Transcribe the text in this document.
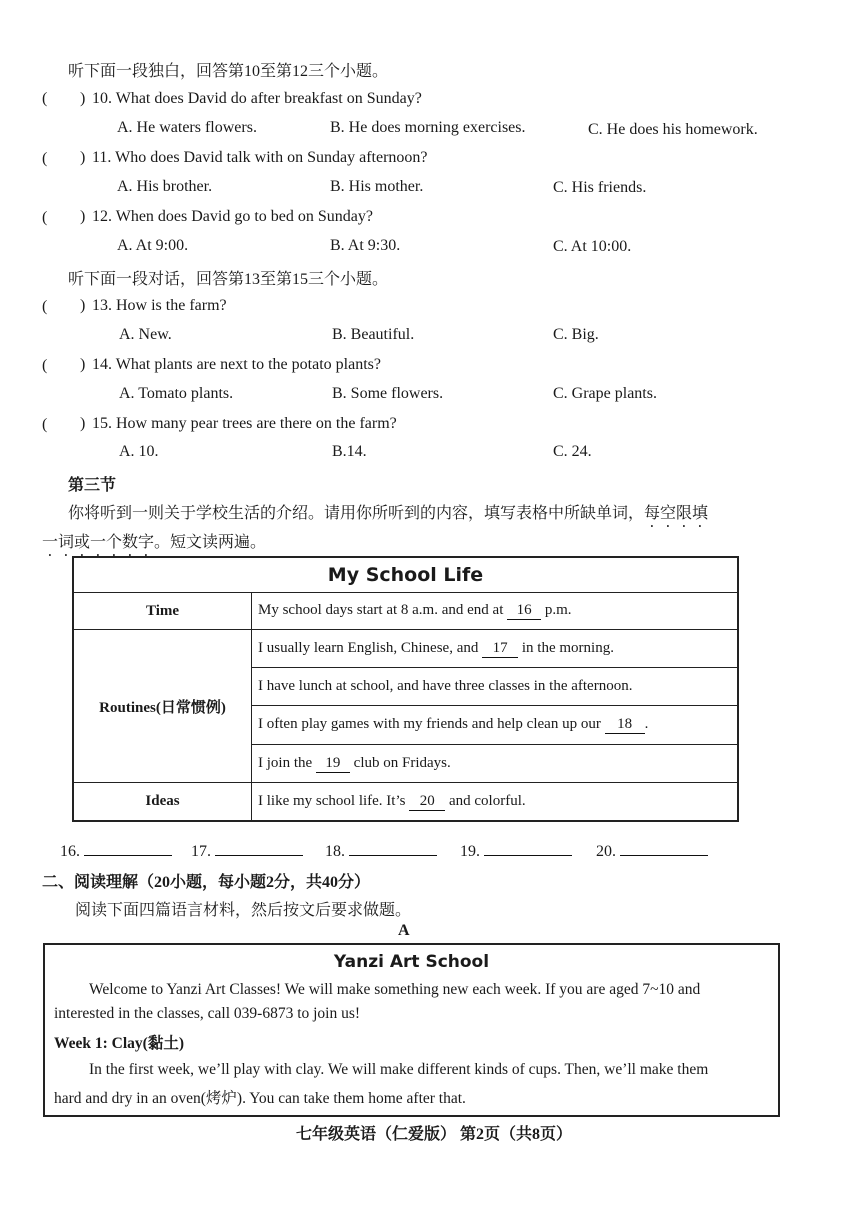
听下面一段独白，回答第10至第12三个小题。
( ) 10. What does David do after breakfast on Sunday?
A. He waters flowers.	B. He does morning exercises.	C. He does his homework.
( ) 11. Who does David talk with on Sunday afternoon?
A. His brother.	B. His mother.	C. His friends.
( ) 12. When does David go to bed on Sunday?
A. At 9:00.	B. At 9:30.	C. At 10:00.
听下面一段对话，回答第13至第15三个小题。
( ) 13. How is the farm?
A. New.	B. Beautiful.	C. Big.
( ) 14. What plants are next to the potato plants?
A. Tomato plants.	B. Some flowers.	C. Grape plants.
( ) 15. How many pear trees are there on the farm?
A. 10.	B.14.	C. 24.
第三节
你将听到一则关于学校生活的介绍。请用你所听到的内容，填写表格中所缺单词，每空限填
一词或一个数字。短文读两遍。
My School Life	
Time	My school days start at 8 a.m. and end at 16 p.m.
Routines(日常惯例)	I usually learn English, Chinese, and 17 in the morning.
	I have lunch at school, and have three classes in the afternoon.
	I often play games with my friends and help clean up our 18 .
	I join the 19 club on Fridays.
Ideas	I like my school life. It’s 20 and colorful.
16.	17.	18.	19.	20.
二、阅读理解（20小题，每小题2分，共40分）
阅读下面四篇语言材料，然后按文后要求做题。
A
Yanzi Art School
Welcome to Yanzi Art Classes! We will make something new each week. If you are aged 7~10 and
interested in the classes, call 039-6873 to join us!
Week 1: Clay(黏土)
In the first week, we’ll play with clay. We will make different kinds of cups. Then, we’ll make them
hard and dry in an oven(烤炉). You can take them home after that.
七年级英语（仁爱版） 第2页（共8页）
